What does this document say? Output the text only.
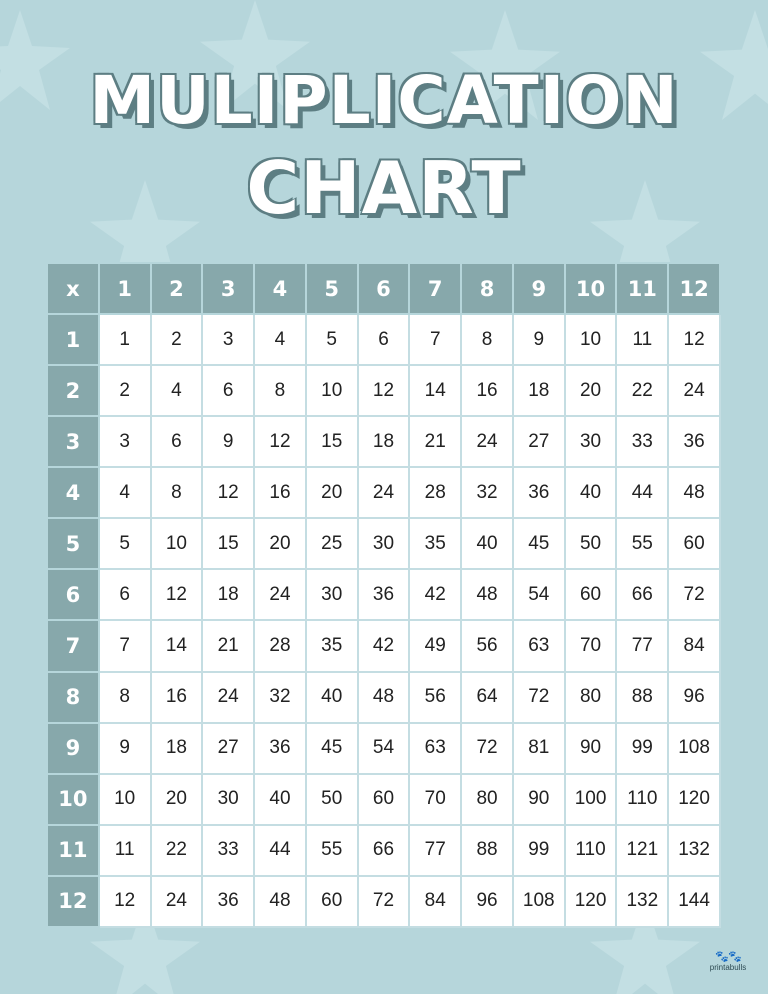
MULIPLICATION
CHART
x	1	2	3	4	5	6	7	8	9	10	11	12
1	1	2	3	4	5	6	7	8	9	10	11	12
2	2	4	6	8	10	12	14	16	18	20	22	24
3	3	6	9	12	15	18	21	24	27	30	33	36
4	4	8	12	16	20	24	28	32	36	40	44	48
5	5	10	15	20	25	30	35	40	45	50	55	60
6	6	12	18	24	30	36	42	48	54	60	66	72
7	7	14	21	28	35	42	49	56	63	70	77	84
8	8	16	24	32	40	48	56	64	72	80	88	96
9	9	18	27	36	45	54	63	72	81	90	99	108
10	10	20	30	40	50	60	70	80	90	100	110	120
11	11	22	33	44	55	66	77	88	99	110	121	132
12	12	24	36	48	60	72	84	96	108	120	132	144
🐾🐾
printabulls
